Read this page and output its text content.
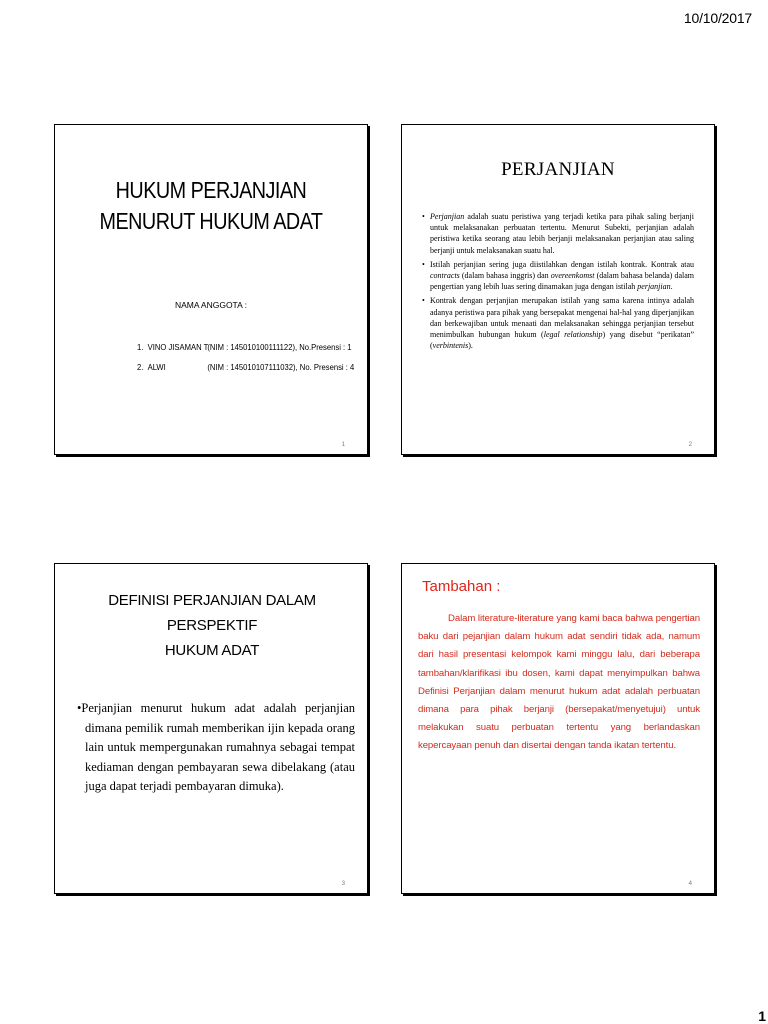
10/10/2017
HUKUM PERJANJIAN
MENURUT HUKUM ADAT
NAMA ANGGOTA :
1. VINO JISAMAN T (NIM : 145010100111122), No.Presensi : 1
2. ALWI	(NIM : 145010107111032), No. Presensi : 4
1
PERJANJIAN
• Perjanjian adalah suatu peristiwa yang terjadi ketika para pihak saling berjanji untuk melaksanakan perbuatan tertentu. Menurut Subekti, perjanjian adalah peristiwa ketika seorang atau lebih berjanji melaksanakan perjanjian atau saling berjanji untuk melaksanakan suatu hal.
• Istilah perjanjian sering juga diistilahkan dengan istilah kontrak. Kontrak atau contracts (dalam bahasa inggris) dan overeenkomst (dalam bahasa belanda) dalam pengertian yang lebih luas sering dinamakan juga dengan istilah perjanjian.
• Kontrak dengan perjanjian merupakan istilah yang sama karena intinya adalah adanya peristiwa para pihak yang bersepakat mengenai hal-hal yang diperjanjikan dan berkewajiban untuk menaati dan melaksanakan sehingga perjanjian tersebut menimbulkan hubungan hukum (legal relationship) yang disebut “perikatan” (verbintenis).
2
DEFINISI PERJANJIAN DALAM PERSPEKTIF
HUKUM ADAT
•Perjanjian menurut hukum adat adalah perjanjian dimana pemilik rumah memberikan ijin kepada orang lain untuk mempergunakan rumahnya sebagai tempat kediaman dengan pembayaran sewa dibelakang (atau juga dapat terjadi pembayaran dimuka).
3
Tambahan :
Dalam literature-literature yang kami baca bahwa pengertian baku dari pejanjian dalam hukum adat sendiri tidak ada, namum dari hasil presentasi kelompok kami minggu lalu, dari beberapa tambahan/klarifikasi ibu dosen, kami dapat menyimpulkan bahwa Definisi Perjanjian dalam menurut hukum adat adalah perbuatan dimana para pihak berjanji (bersepakat/menyetujui) untuk melakukan suatu perbuatan tertentu yang berlandaskan kepercayaan penuh dan disertai dengan tanda ikatan tertentu.
4
1
